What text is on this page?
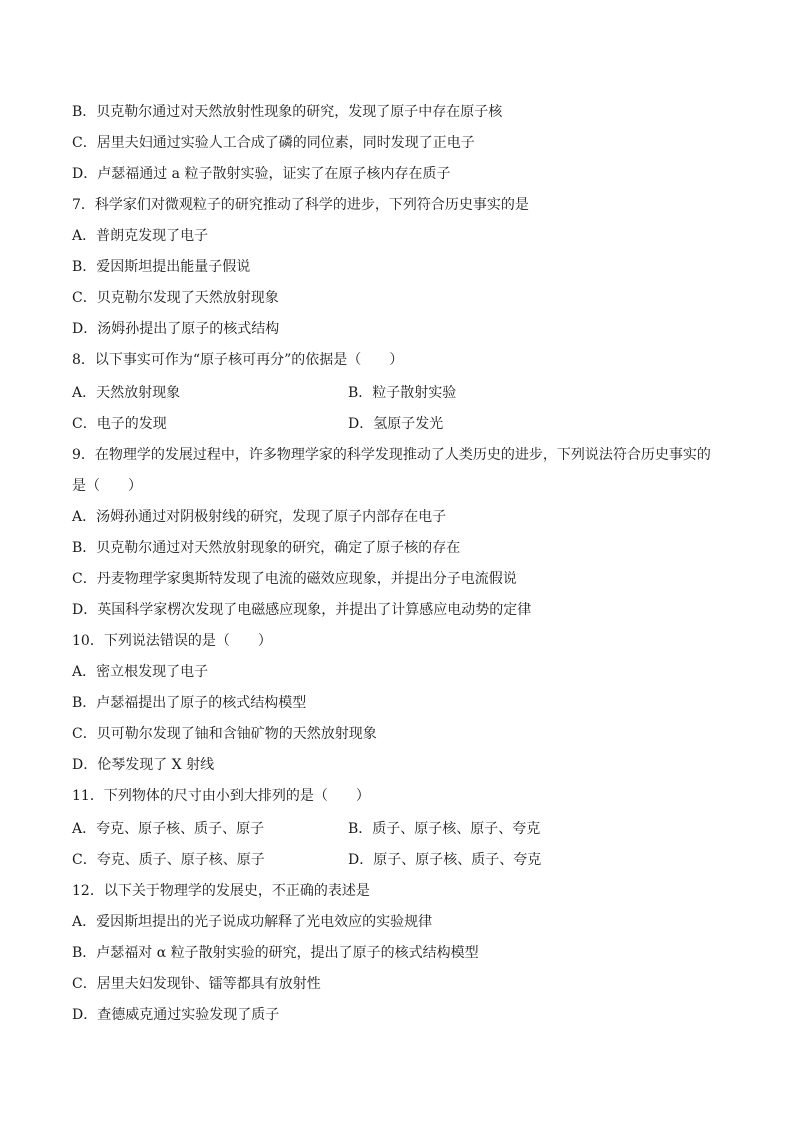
B．贝克勒尔通过对天然放射性现象的研究，发现了原子中存在原子核
C．居里夫妇通过实验人工合成了磷的同位素，同时发现了正电子
D．卢瑟福通过 a 粒子散射实验，证实了在原子核内存在质子
7．科学家们对微观粒子的研究推动了科学的进步，下列符合历史事实的是
A．普朗克发现了电子
B．爱因斯坦提出能量子假说
C．贝克勒尔发现了天然放射现象
D．汤姆孙提出了原子的核式结构
8．以下事实可作为“原子核可再分”的依据是（　　）
A．天然放射现象	B．粒子散射实验
C．电子的发现	D．氢原子发光
9．在物理学的发展过程中，许多物理学家的科学发现推动了人类历史的进步，下列说法符合历史事实的
是（　　）
A．汤姆孙通过对阴极射线的研究，发现了原子内部存在电子
B．贝克勒尔通过对天然放射现象的研究，确定了原子核的存在
C．丹麦物理学家奥斯特发现了电流的磁效应现象，并提出分子电流假说
D．英国科学家楞次发现了电磁感应现象，并提出了计算感应电动势的定律
10．下列说法错误的是（　　）
A．密立根发现了电子
B．卢瑟福提出了原子的核式结构模型
C．贝可勒尔发现了铀和含铀矿物的天然放射现象
D．伦琴发现了 X 射线
11．下列物体的尺寸由小到大排列的是（　　）
A．夸克、原子核、质子、原子	B．质子、原子核、原子、夸克
C．夸克、质子、原子核、原子	D．原子、原子核、质子、夸克
12．以下关于物理学的发展史，不正确的表述是
A．爱因斯坦提出的光子说成功解释了光电效应的实验规律
B．卢瑟福对 α 粒子散射实验的研究，提出了原子的核式结构模型
C．居里夫妇发现钋、镭等都具有放射性
D．查德威克通过实验发现了质子
